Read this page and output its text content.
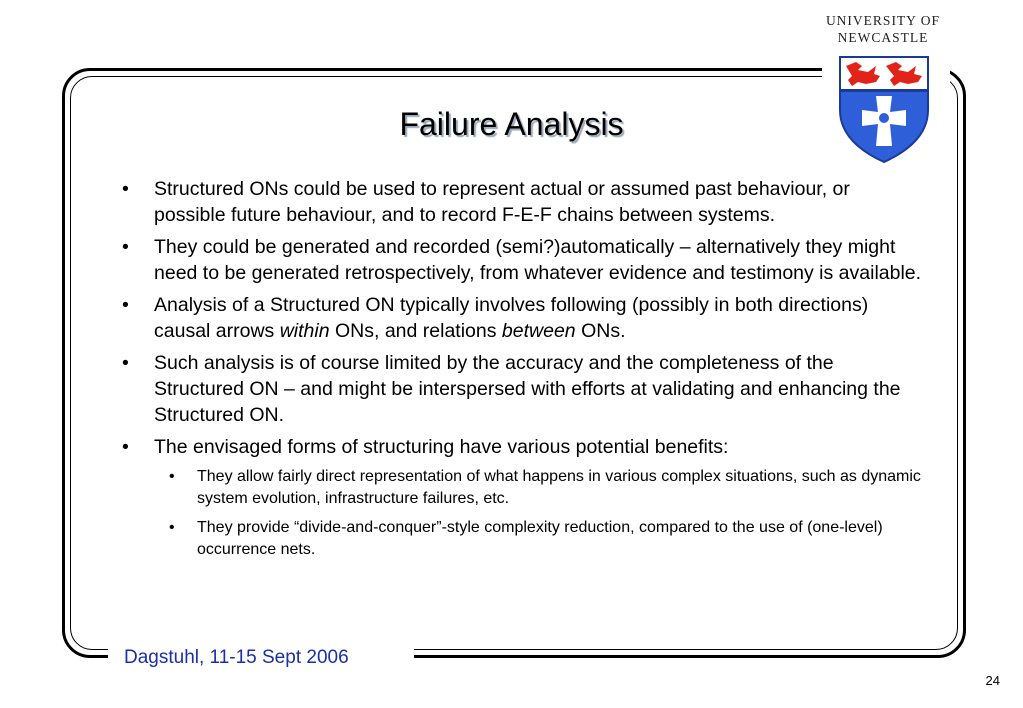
UNIVERSITY OF
NEWCASTLE
Failure Analysis
• Structured ONs could be used to represent actual or assumed past behaviour, or possible future behaviour, and to record F-E-F chains between systems.
• They could be generated and recorded (semi?)automatically – alternatively they might need to be generated retrospectively, from whatever evidence and testimony is available.
• Analysis of a Structured ON typically involves following (possibly in both directions) causal arrows within ONs, and relations between ONs.
• Such analysis is of course limited by the accuracy and the completeness of the Structured ON – and might be interspersed with efforts at validating and enhancing the Structured ON.
• The envisaged forms of structuring have various potential benefits:
• They allow fairly direct representation of what happens in various complex situations, such as dynamic system evolution, infrastructure failures, etc.
• They provide “divide-and-conquer”-style complexity reduction, compared to the use of (one-level) occurrence nets.
Dagstuhl, 11-15 Sept 2006
24
